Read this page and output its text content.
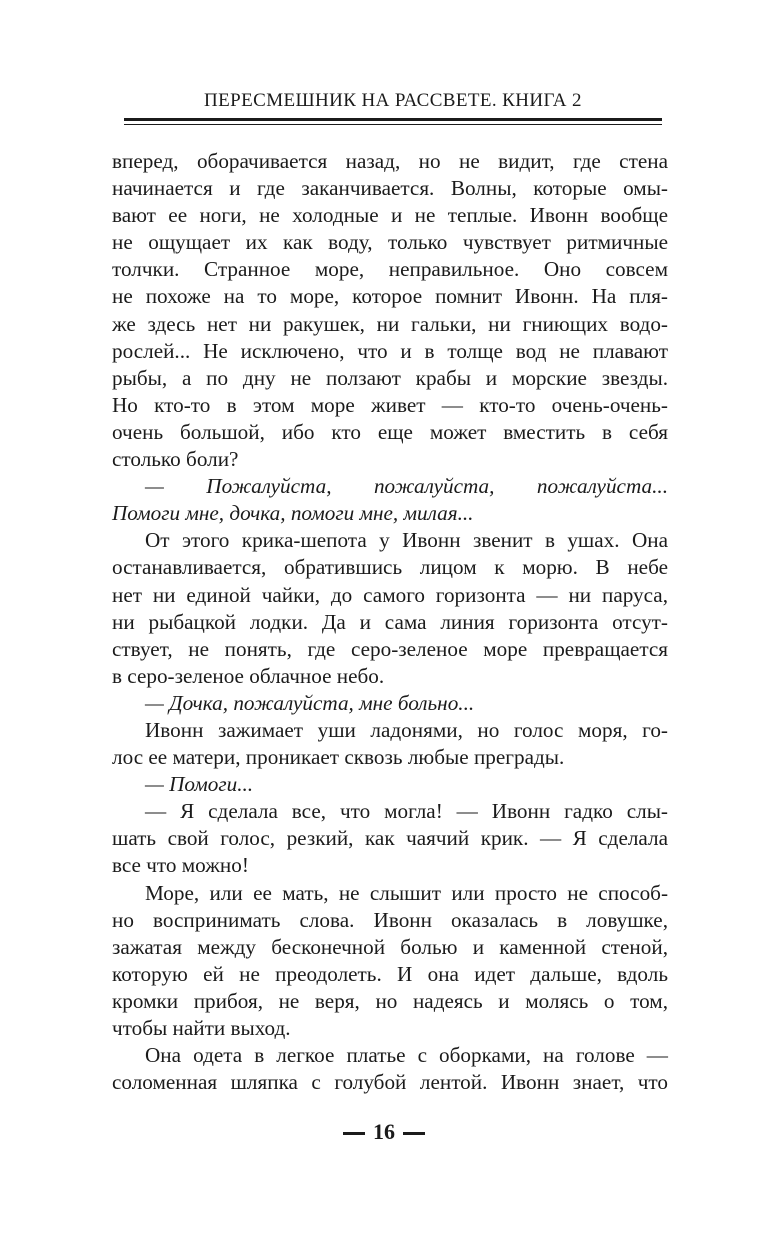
ПЕРЕСМЕШНИК НА РАССВЕТЕ. КНИГА 2
вперед, оборачивается назад, но не видит, где стена
начинается и где заканчивается. Волны, которые омы-
вают ее ноги, не холодные и не теплые. Ивонн вообще
не ощущает их как воду, только чувствует ритмичные
толчки. Странное море, неправильное. Оно совсем
не похоже на то море, которое помнит Ивонн. На пля-
же здесь нет ни ракушек, ни гальки, ни гниющих водо-
рослей... Не исключено, что и в толще вод не плавают
рыбы, а по дну не ползают крабы и морские звезды.
Но кто-то в этом море живет — кто-то очень-очень-
очень большой, ибо кто еще может вместить в себя
столько боли?
— Пожалуйста, пожалуйста, пожалуйста...
Помоги мне, дочка, помоги мне, милая...
От этого крика-шепота у Ивонн звенит в ушах. Она
останавливается, обратившись лицом к морю. В небе
нет ни единой чайки, до самого горизонта — ни паруса,
ни рыбацкой лодки. Да и сама линия горизонта отсут-
ствует, не понять, где серо-зеленое море превращается
в серо-зеленое облачное небо.
— Дочка, пожалуйста, мне больно...
Ивонн зажимает уши ладонями, но голос моря, го-
лос ее матери, проникает сквозь любые преграды.
— Помоги...
— Я сделала все, что могла! — Ивонн гадко слы-
шать свой голос, резкий, как чаячий крик. — Я сделала
все что можно!
Море, или ее мать, не слышит или просто не способ-
но воспринимать слова. Ивонн оказалась в ловушке,
зажатая между бесконечной болью и каменной стеной,
которую ей не преодолеть. И она идет дальше, вдоль
кромки прибоя, не веря, но надеясь и молясь о том,
чтобы найти выход.
Она одета в легкое платье с оборками, на голове —
соломенная шляпка с голубой лентой. Ивонн знает, что
16
